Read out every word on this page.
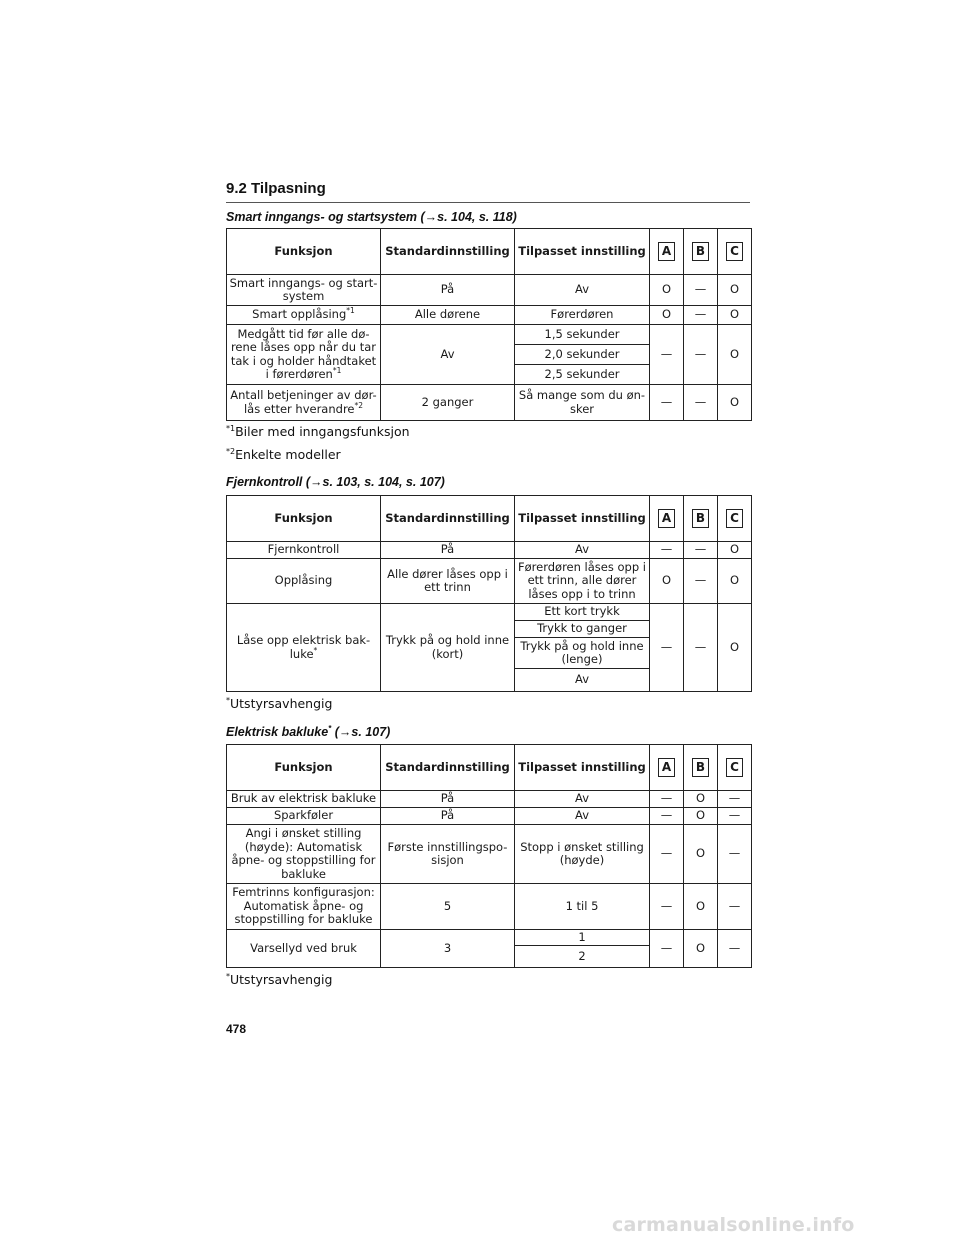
9.2 Tilpasning
Smart inngangs- og startsystem (→s. 104, s. 118)
Funksjon	Standardinnstilling	Tilpasset innstilling	A	B	C
Smart inngangs- og start-system	På	Av	O	—	O
Smart opplåsing$^{*1}$	Alle dørene	Førerdøren	O	—	O
Medgått tid før alle dø-rene låses opp når du tar tak i og holder håndtaket i førerdøren$^{*1}$	Av	1,5 sekunder	—	—	O
		2,0 sekunder			
		2,5 sekunder			
Antall betjeninger av dør-lås etter hverandre$^{*2}$	2 ganger	Så mange som du øn-sker	—	—	O
$^{*1}$Biler med inngangsfunksjon
$^{*2}$Enkelte modeller
Fjernkontroll (→s. 103, s. 104, s. 107)
Funksjon	Standardinnstilling	Tilpasset innstilling	A	B	C
Fjernkontroll	På	Av	—	—	O
Opplåsing	Alle dører låses opp i ett trinn	Førerdøren låses opp i ett trinn, alle dører låses opp i to trinn	O	—	O
Låse opp elektrisk bak-luke*	Trykk på og hold inne (kort)	Ett kort trykk	—	—	O
		Trykk to ganger			
		Trykk på og hold inne (lenge)			
		Av			
*Utstyrsavhengig
Elektrisk bakluke* (→s. 107)
Funksjon	Standardinnstilling	Tilpasset innstilling	A	B	C
Bruk av elektrisk bakluke	På	Av	—	O	—
Sparkføler	På	Av	—	O	—
Angi i ønsket stilling (høyde): Automatisk åpne- og stoppstilling for bakluke	Første innstillingspo-sisjon	Stopp i ønsket stilling (høyde)	—	O	—
Femtrinns konfigurasjon: Automatisk åpne- og stoppstilling for bakluke	5	1 til 5	—	O	—
Varsellyd ved bruk	3	1	—	O	—
		2			
*Utstyrsavhengig
478
carmanualsonline.info
